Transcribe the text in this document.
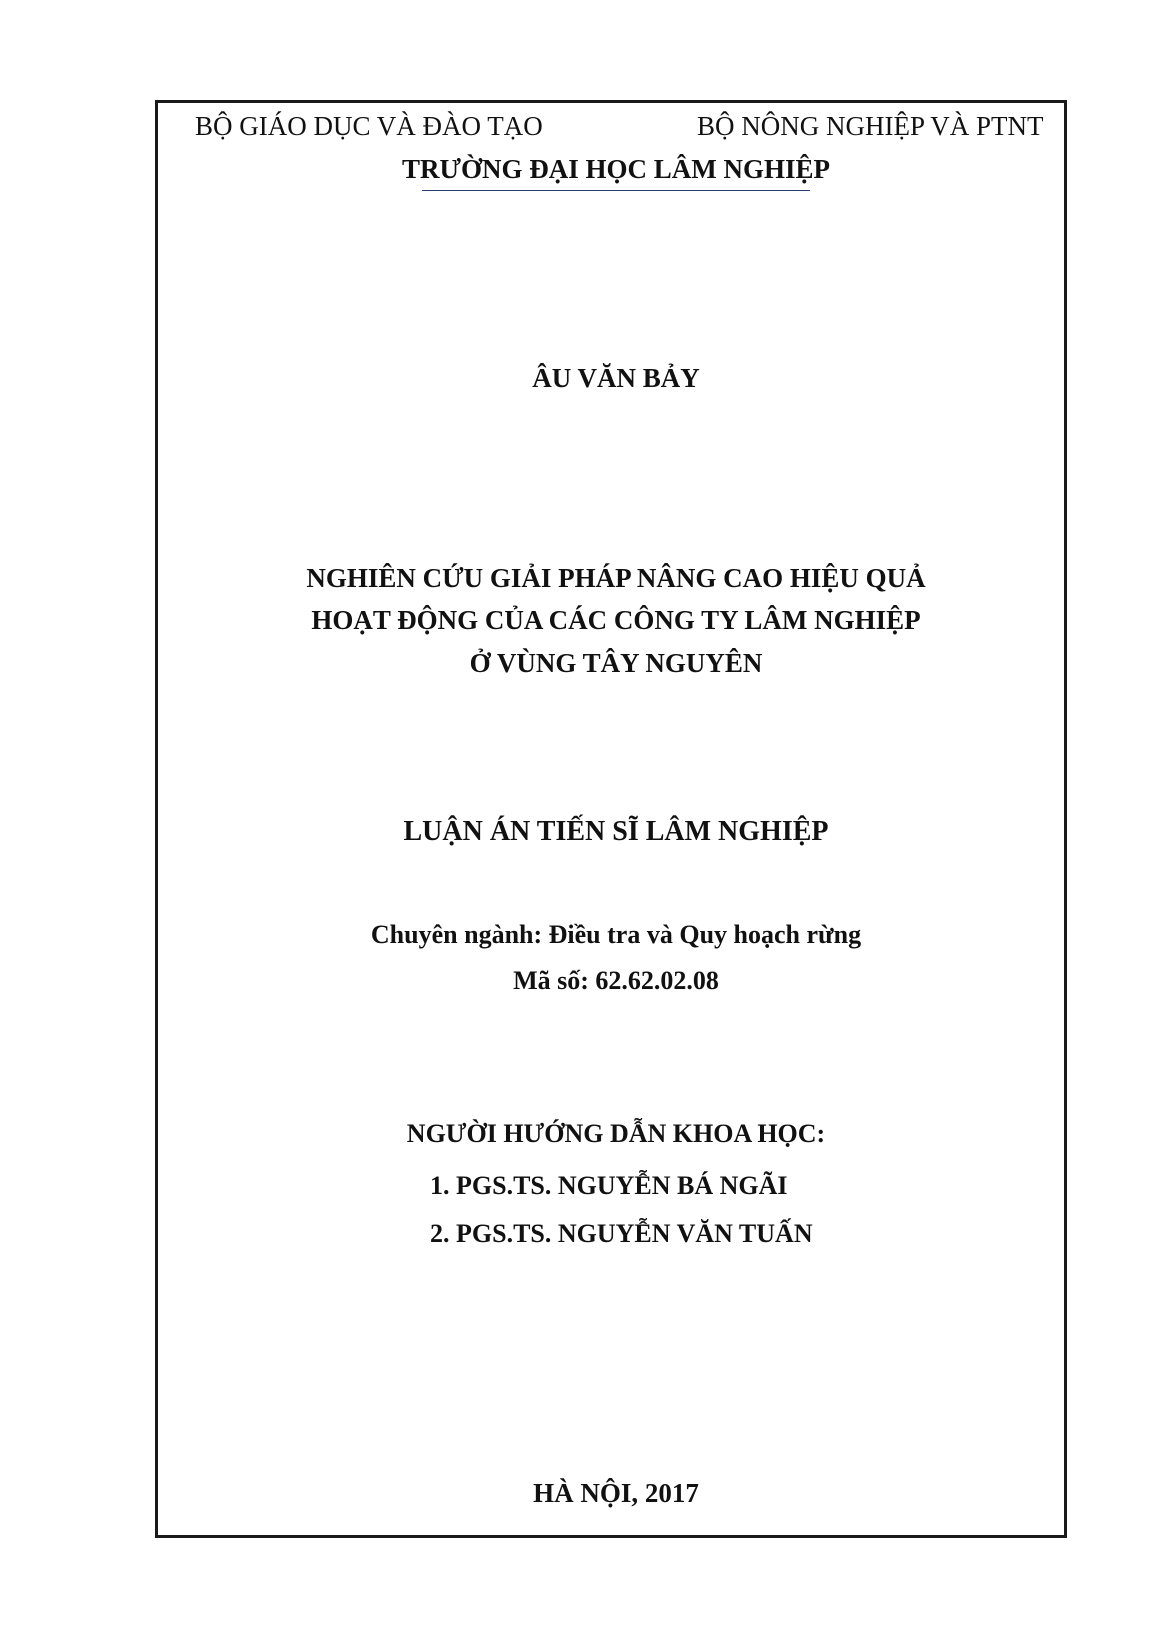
BỘ GIÁO DỤC VÀ ĐÀO TẠO	BỘ NÔNG NGHIỆP VÀ PTNT
TRƯỜNG ĐẠI HỌC LÂM NGHIỆP
ÂU VĂN BẢY
NGHIÊN CỨU GIẢI PHÁP NÂNG CAO HIỆU QUẢ
HOẠT ĐỘNG CỦA CÁC CÔNG TY LÂM NGHIỆP
Ở VÙNG TÂY NGUYÊN
LUẬN ÁN TIẾN SĨ LÂM NGHIỆP
Chuyên ngành: Điều tra và Quy hoạch rừng
Mã số: 62.62.02.08
NGƯỜI HƯỚNG DẪN KHOA HỌC:
1. PGS.TS. NGUYỄN BÁ NGÃI
2. PGS.TS. NGUYỄN VĂN TUẤN
HÀ NỘI, 2017
